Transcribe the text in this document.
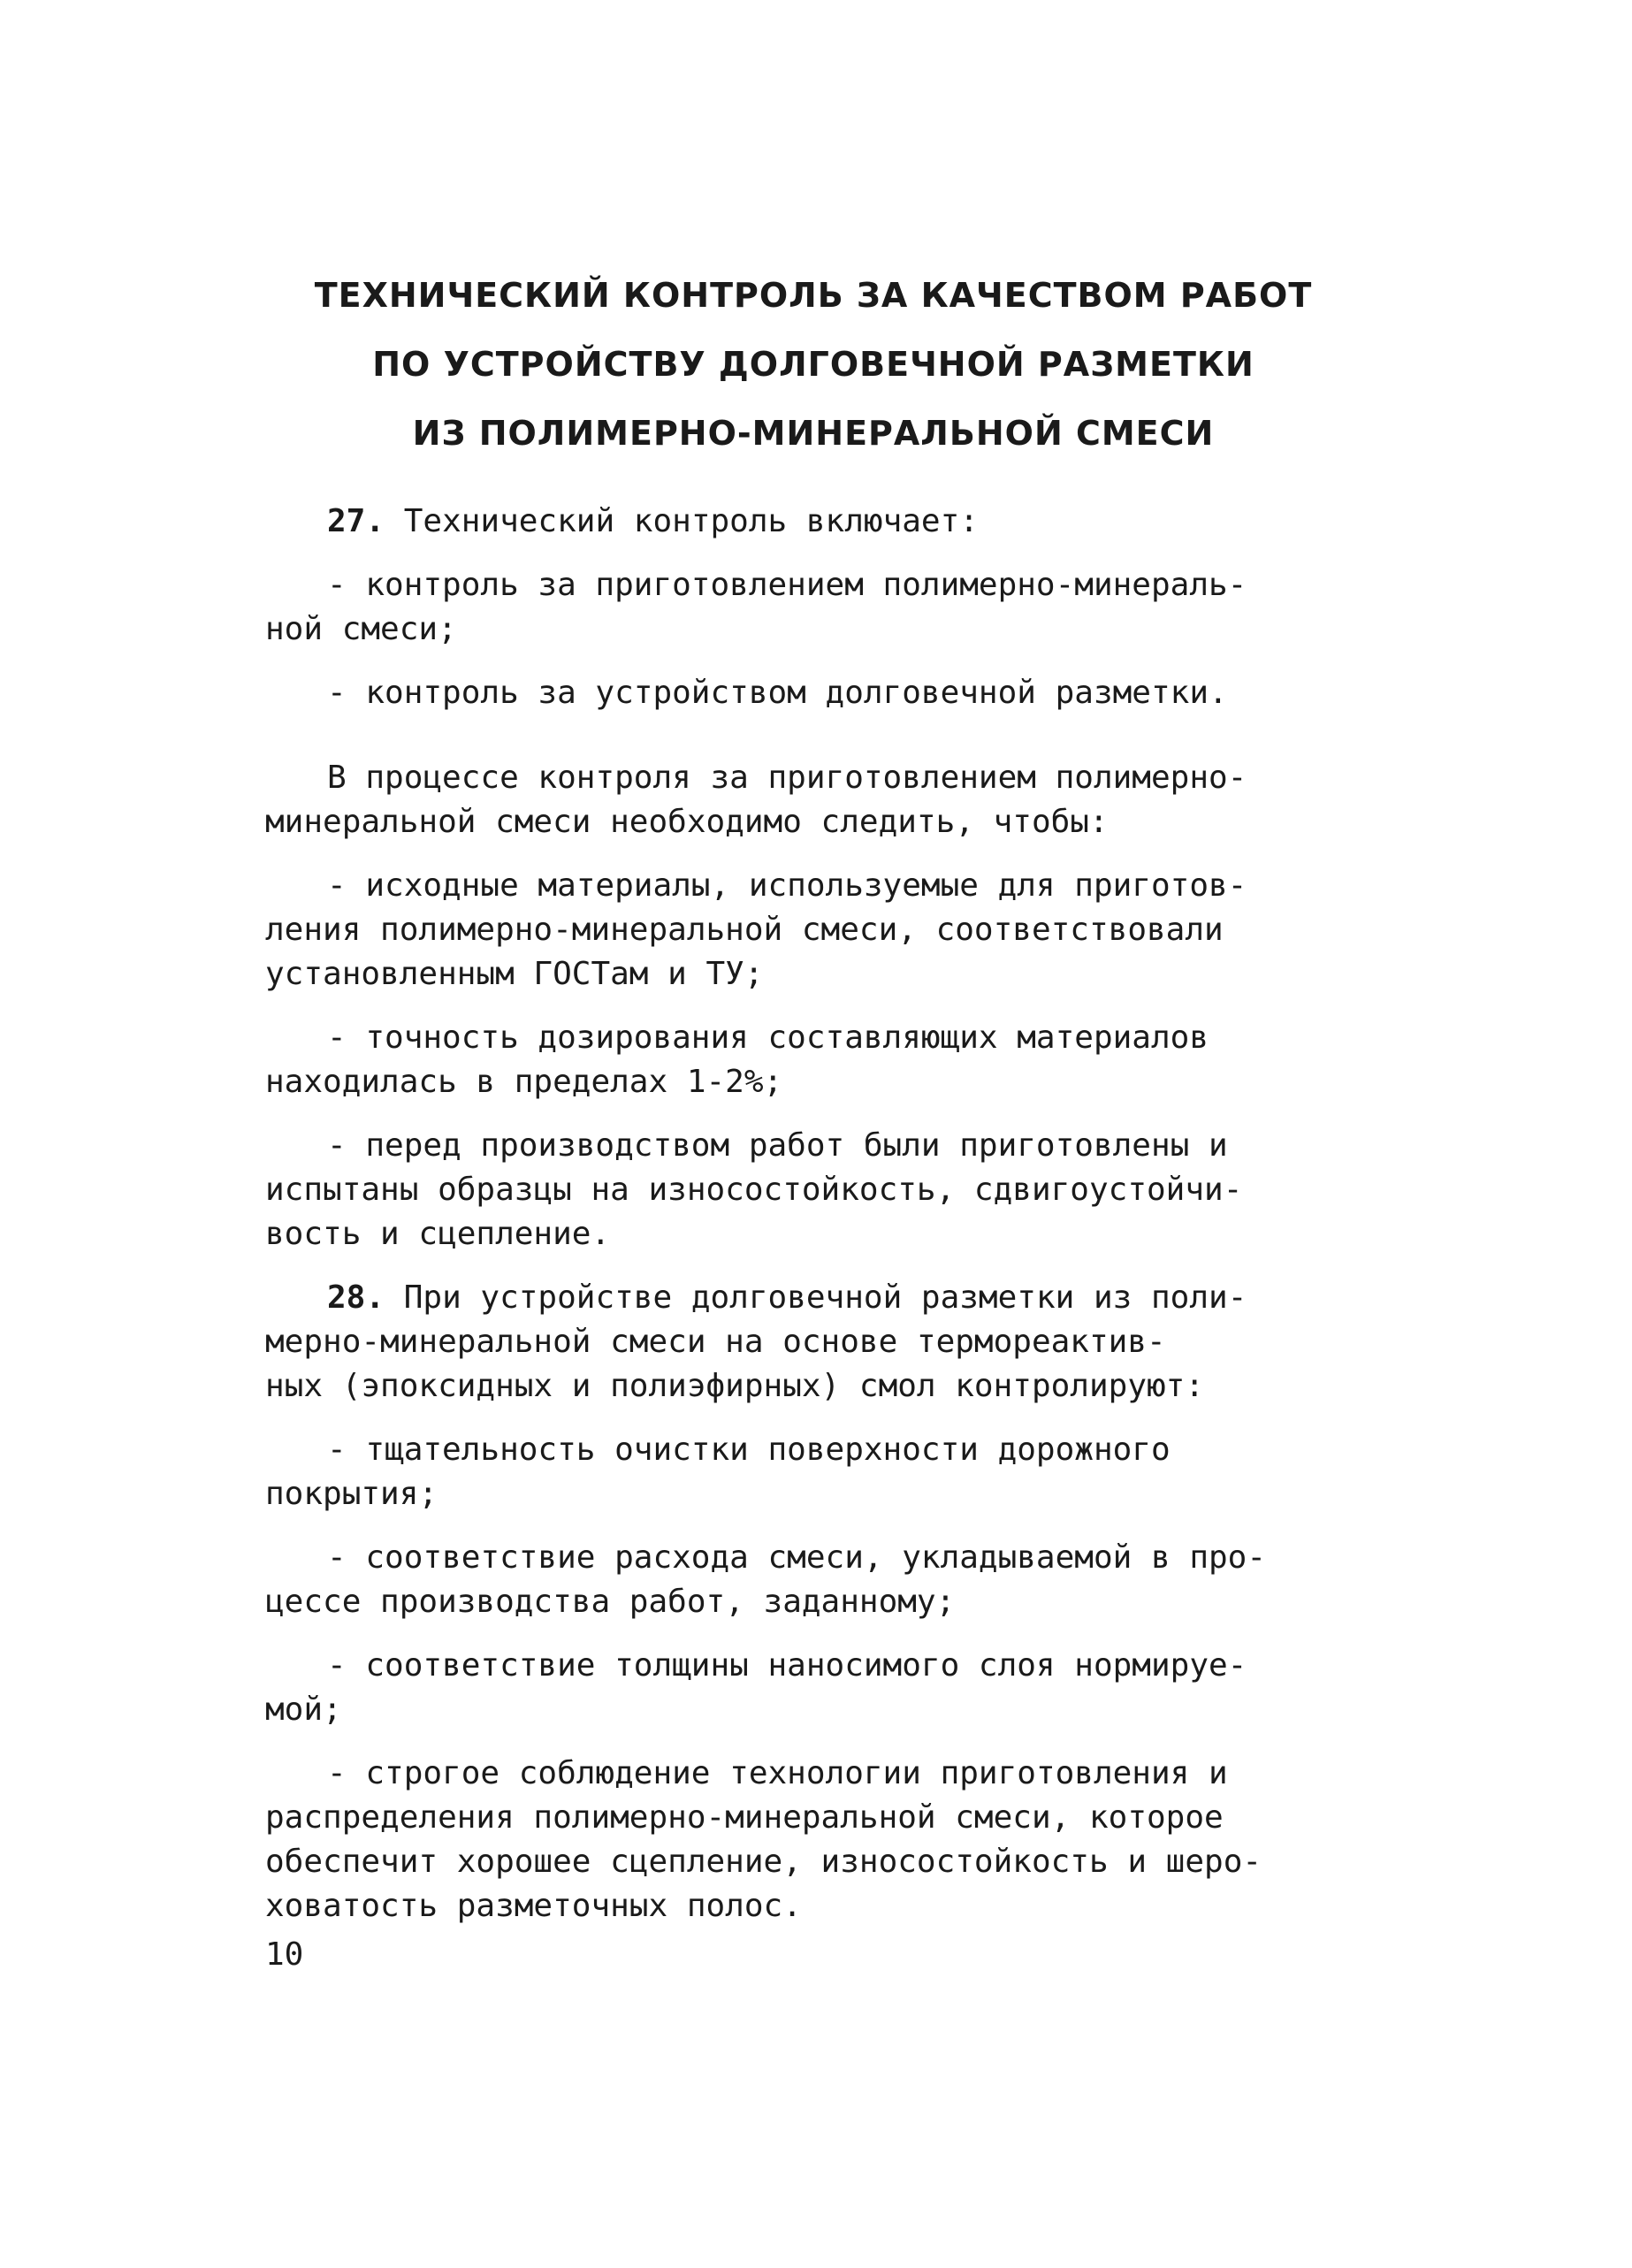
ТЕХНИЧЕСКИЙ КОНТРОЛЬ ЗА КАЧЕСТВОМ РАБОТ
ПО УСТРОЙСТВУ ДОЛГОВЕЧНОЙ РАЗМЕТКИ
ИЗ ПОЛИМЕРНО-МИНЕРАЛЬНОЙ СМЕСИ
27. Технический контроль включает:
- контроль за приготовлением полимерно-минераль-
ной смеси;
- контроль за устройством долговечной разметки.
В процессе контроля за приготовлением полимерно-
минеральной смеси необходимо следить, чтобы:
- исходные материалы, используемые для приготов-
ления полимерно-минеральной смеси, соответствовали
установленным ГОСТам и ТУ;
- точность дозирования составляющих материалов
находилась в пределах 1-2%;
- перед производством работ были приготовлены и
испытаны образцы на износостойкость, сдвигоустойчи-
вость и сцепление.
28. При устройстве долговечной разметки из поли-
мерно-минеральной смеси на основе термореактив-
ных (эпоксидных и полиэфирных) смол контролируют:
- тщательность очистки поверхности дорожного
покрытия;
- соответствие расхода смеси, укладываемой в про-
цессе производства работ, заданному;
- соответствие толщины наносимого слоя нормируе-
мой;
- строгое соблюдение технологии приготовления и
распределения полимерно-минеральной смеси, которое
обеспечит хорошее сцепление, износостойкость и шеро-
ховатость разметочных полос.
10
